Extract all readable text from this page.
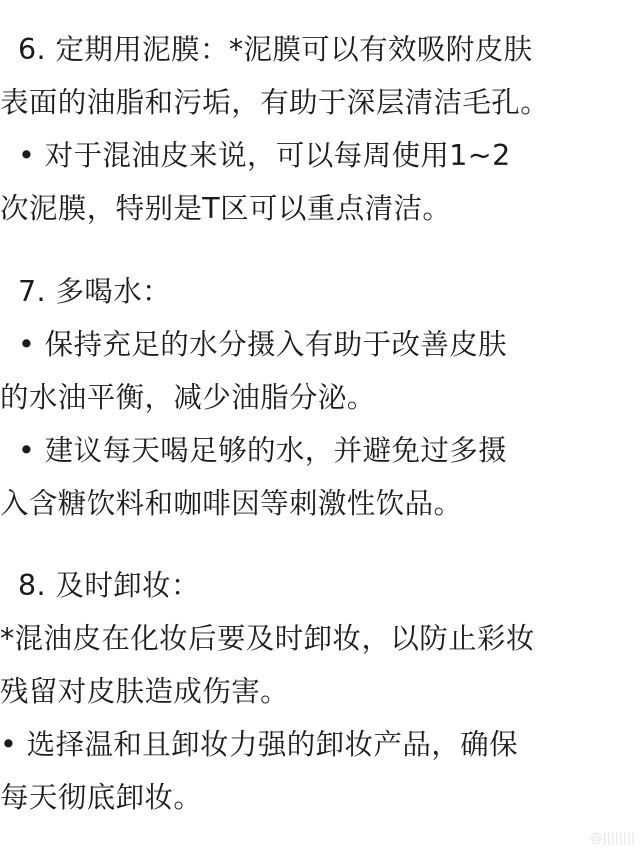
6. 定期用泥膜：*泥膜可以有效吸附皮肤
表面的油脂和污垢，有助于深层清洁毛孔。
• 对于混油皮来说，可以每周使用1~2
次泥膜，特别是T区可以重点清洁。
7. 多喝水：
• 保持充足的水分摄入有助于改善皮肤
的水油平衡，减少油脂分泌。
• 建议每天喝足够的水，并避免过多摄
入含糖饮料和咖啡因等刺激性饮品。
8. 及时卸妆：
*混油皮在化妆后要及时卸妆，以防止彩妆
残留对皮肤造成伤害。
• 选择温和且卸妆力强的卸妆产品，确保
每天彻底卸妆。
@||||||||
